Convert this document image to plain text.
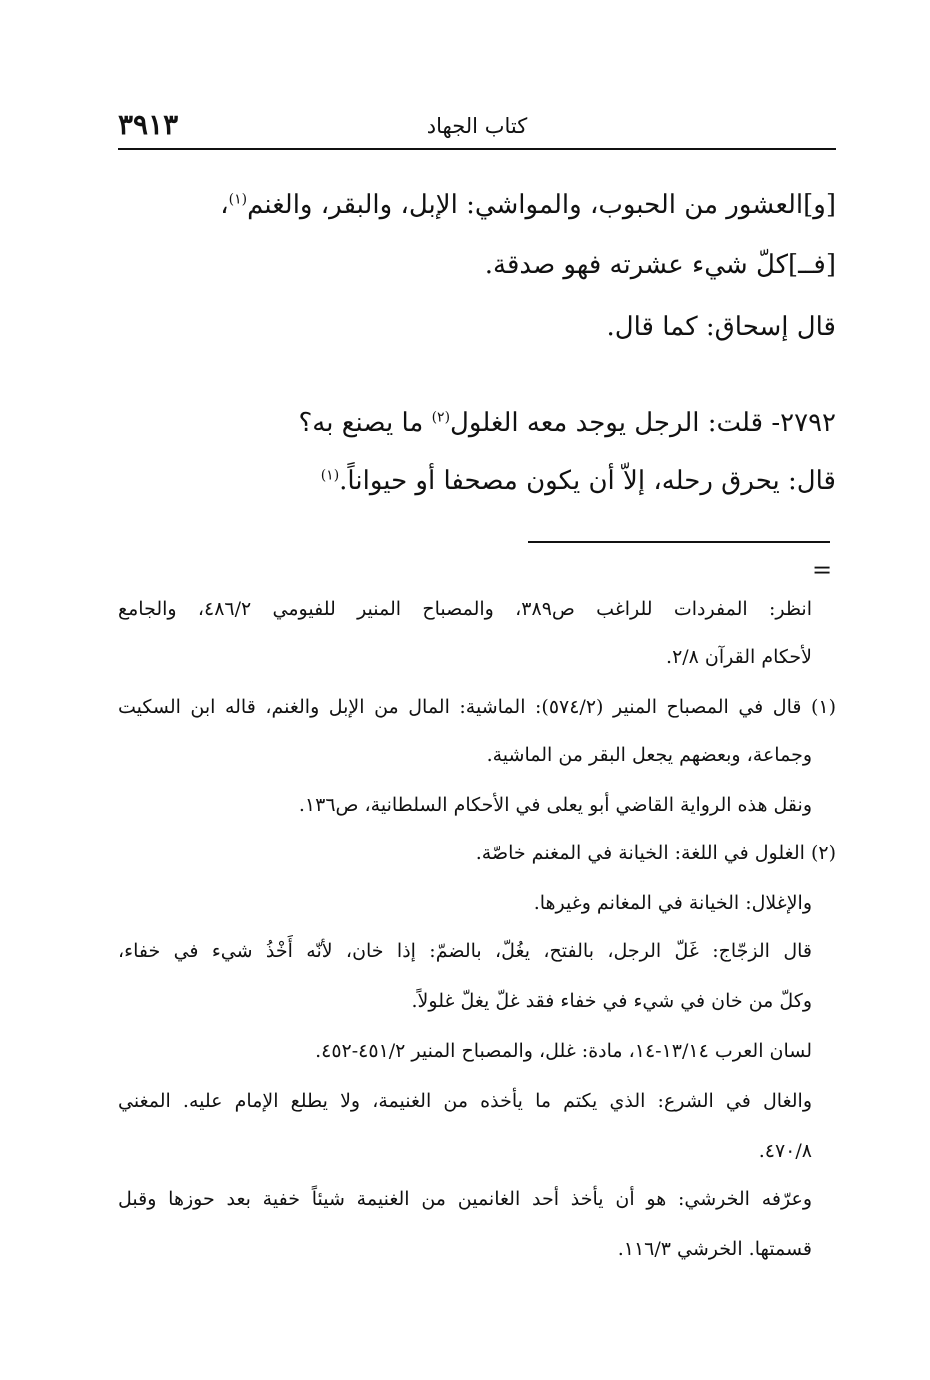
٣٩١٣	كتاب الجهاد
[و]العشور من الحبوب، والمواشي: الإبل، والبقر، والغنم$^{(١)}$،
[فــ]كلّ شيء عشرته فهو صدقة.
قال إسحاق: كما قال.
٢٧٩٢- قلت: الرجل يوجد معه الغلول$^{(٢)}$ ما يصنع به؟
قال: يحرق رحله، إلاّ أن يكون مصحفا أو حيواناً.$^{(١)}$
=
انظر: المفردات للراغب ص٣٨٩، والمصباح المنير للفيومي ٤٨٦/٢، والجامع
لأحكام القرآن ٢/٨.
(١) قال في المصباح المنير (٥٧٤/٢): الماشية: المال من الإبل والغنم، قاله ابن السكيت
وجماعة، وبعضهم يجعل البقر من الماشية.
ونقل هذه الرواية القاضي أبو يعلى في الأحكام السلطانية، ص١٣٦.
(٢) الغلول في اللغة: الخيانة في المغنم خاصّة.
والإغلال: الخيانة في المغانم وغيرها.
قال الزجّاج: غَلّ الرجل، بالفتح، يغُلّ، بالضمّ: إذا خان، لأنّه أَخْذُ شيء في خفاء،
وكلّ من خان في شيء في خفاء فقد غلّ يغلّ غلولاً.
لسان العرب ١٣/١٤-١٤، مادة: غلل، والمصباح المنير ٤٥١/٢-٤٥٢.
والغال في الشرع: الذي يكتم ما يأخذه من الغنيمة، ولا يطلع الإمام عليه. المغني
٤٧٠/٨.
وعرّفه الخرشي: هو أن يأخذ أحد الغانمين من الغنيمة شيئاً خفية بعد حوزها وقبل
قسمتها. الخرشي ١١٦/٣.
